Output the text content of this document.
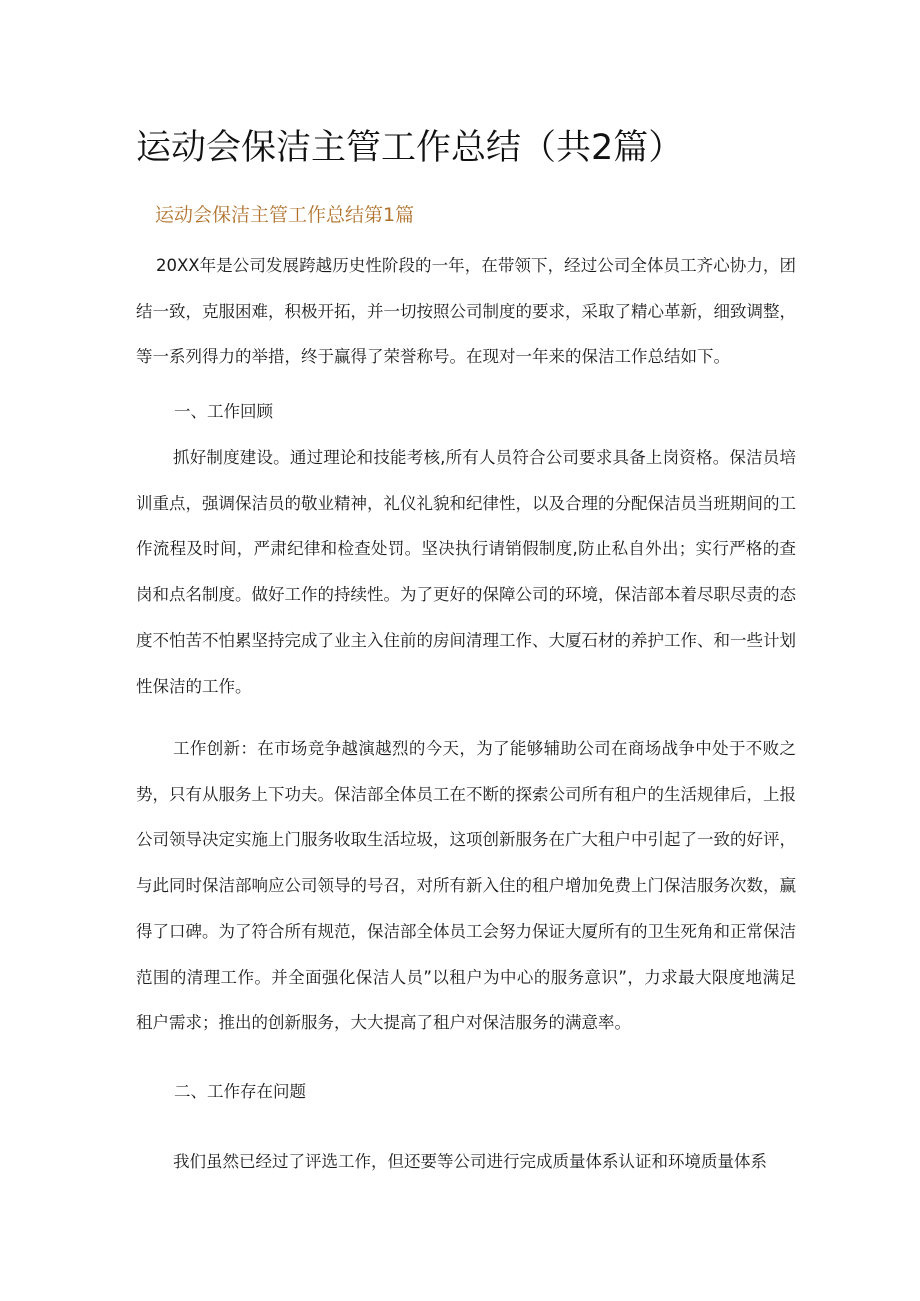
运动会保洁主管工作总结（共2篇）
运动会保洁主管工作总结第1篇

20XX年是公司发展跨越历史性阶段的一年，在带领下，经过公司全体员工齐心协力，团结一致，克服困难，积极开拓，并一切按照公司制度的要求，采取了精心革新，细致调整，等一系列得力的举措，终于赢得了荣誉称号。在现对一年来的保洁工作总结如下。

一、工作回顾

抓好制度建设。通过理论和技能考核,所有人员符合公司要求具备上岗资格。保洁员培训重点，强调保洁员的敬业精神，礼仪礼貌和纪律性，以及合理的分配保洁员当班期间的工作流程及时间，严肃纪律和检查处罚。坚决执行请销假制度,防止私自外出；实行严格的查岗和点名制度。做好工作的持续性。为了更好的保障公司的环境，保洁部本着尽职尽责的态度不怕苦不怕累坚持完成了业主入住前的房间清理工作、大厦石材的养护工作、和一些计划性保洁的工作。

工作创新：在市场竞争越演越烈的今天，为了能够辅助公司在商场战争中处于不败之势，只有从服务上下功夫。保洁部全体员工在不断的探索公司所有租户的生活规律后，上报公司领导决定实施上门服务收取生活垃圾，这项创新服务在广大租户中引起了一致的好评，与此同时保洁部响应公司领导的号召，对所有新入住的租户增加免费上门保洁服务次数，赢得了口碑。为了符合所有规范，保洁部全体员工会努力保证大厦所有的卫生死角和正常保洁范围的清理工作。并全面强化保洁人员”以租户为中心的服务意识”，力求最大限度地满足租户需求；推出的创新服务，大大提高了租户对保洁服务的满意率。

二、工作存在问题

我们虽然已经过了评选工作，但还要等公司进行完成质量体系认证和环境质量体系
